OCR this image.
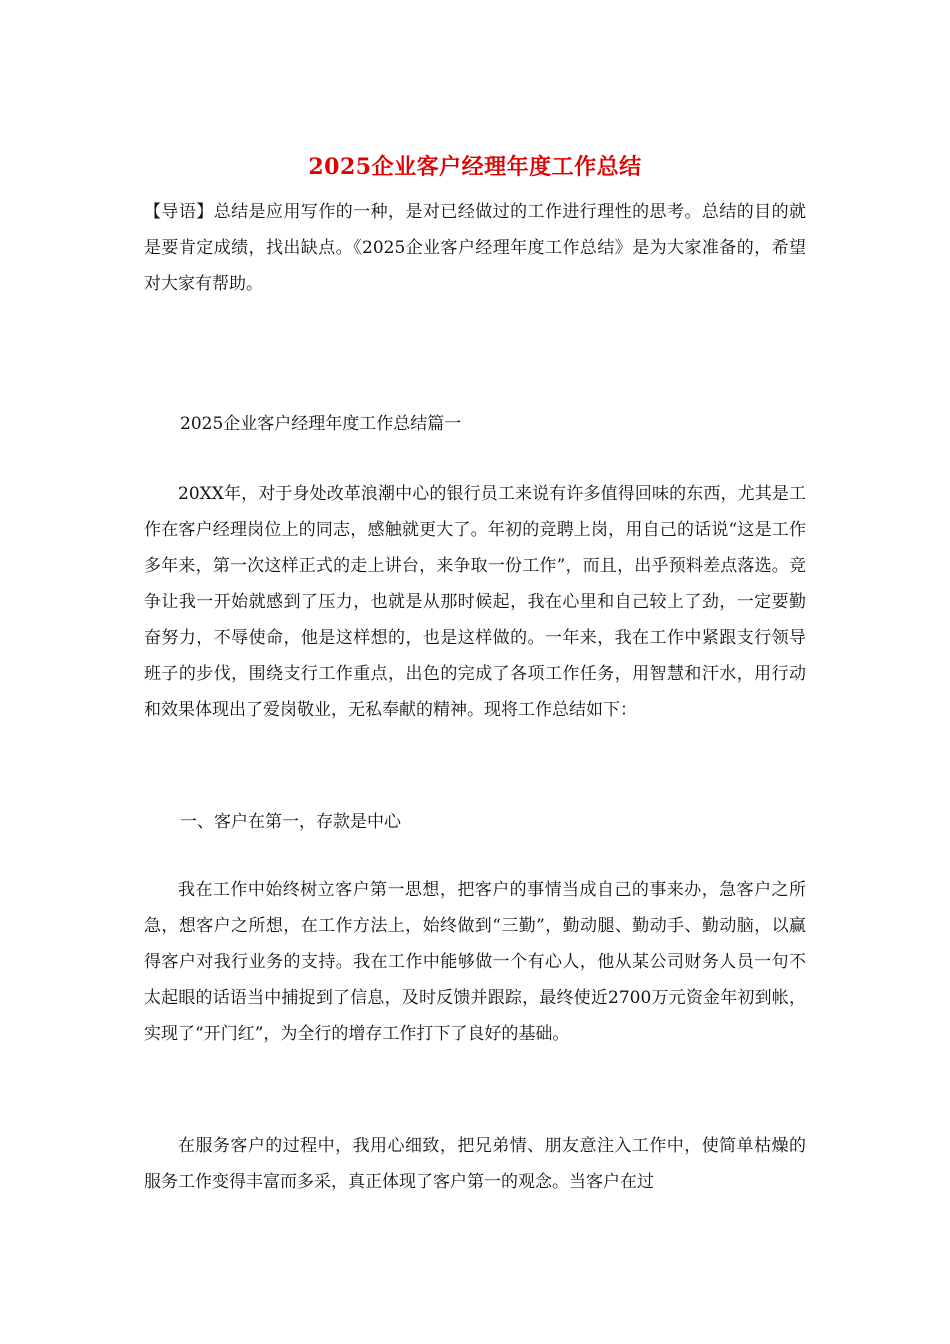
2025企业客户经理年度工作总结

【导语】总结是应用写作的一种，是对已经做过的工作进行理性的思考。总结的目的就是要肯定成绩，找出缺点。《2025企业客户经理年度工作总结》是为大家准备的，希望对大家有帮助。

2025企业客户经理年度工作总结篇一

20XX年，对于身处改革浪潮中心的银行员工来说有许多值得回味的东西，尤其是工作在客户经理岗位上的同志，感触就更大了。年初的竞聘上岗，用自己的话说“这是工作多年来，第一次这样正式的走上讲台，来争取一份工作”，而且，出乎预料差点落选。竞争让我一开始就感到了压力，也就是从那时候起，我在心里和自己较上了劲，一定要勤奋努力，不辱使命，他是这样想的，也是这样做的。一年来，我在工作中紧跟支行领导班子的步伐，围绕支行工作重点，出色的完成了各项工作任务，用智慧和汗水，用行动和效果体现出了爱岗敬业，无私奉献的精神。现将工作总结如下：

一、客户在第一，存款是中心

我在工作中始终树立客户第一思想，把客户的事情当成自己的事来办，急客户之所急，想客户之所想，在工作方法上，始终做到“三勤”，勤动腿、勤动手、勤动脑，以赢得客户对我行业务的支持。我在工作中能够做一个有心人，他从某公司财务人员一句不太起眼的话语当中捕捉到了信息，及时反馈并跟踪，最终使近2700万元资金年初到帐，实现了“开门红”，为全行的增存工作打下了良好的基础。

在服务客户的过程中，我用心细致，把兄弟情、朋友意注入工作中，使简单枯燥的服务工作变得丰富而多采，真正体现了客户第一的观念。当客户在过
